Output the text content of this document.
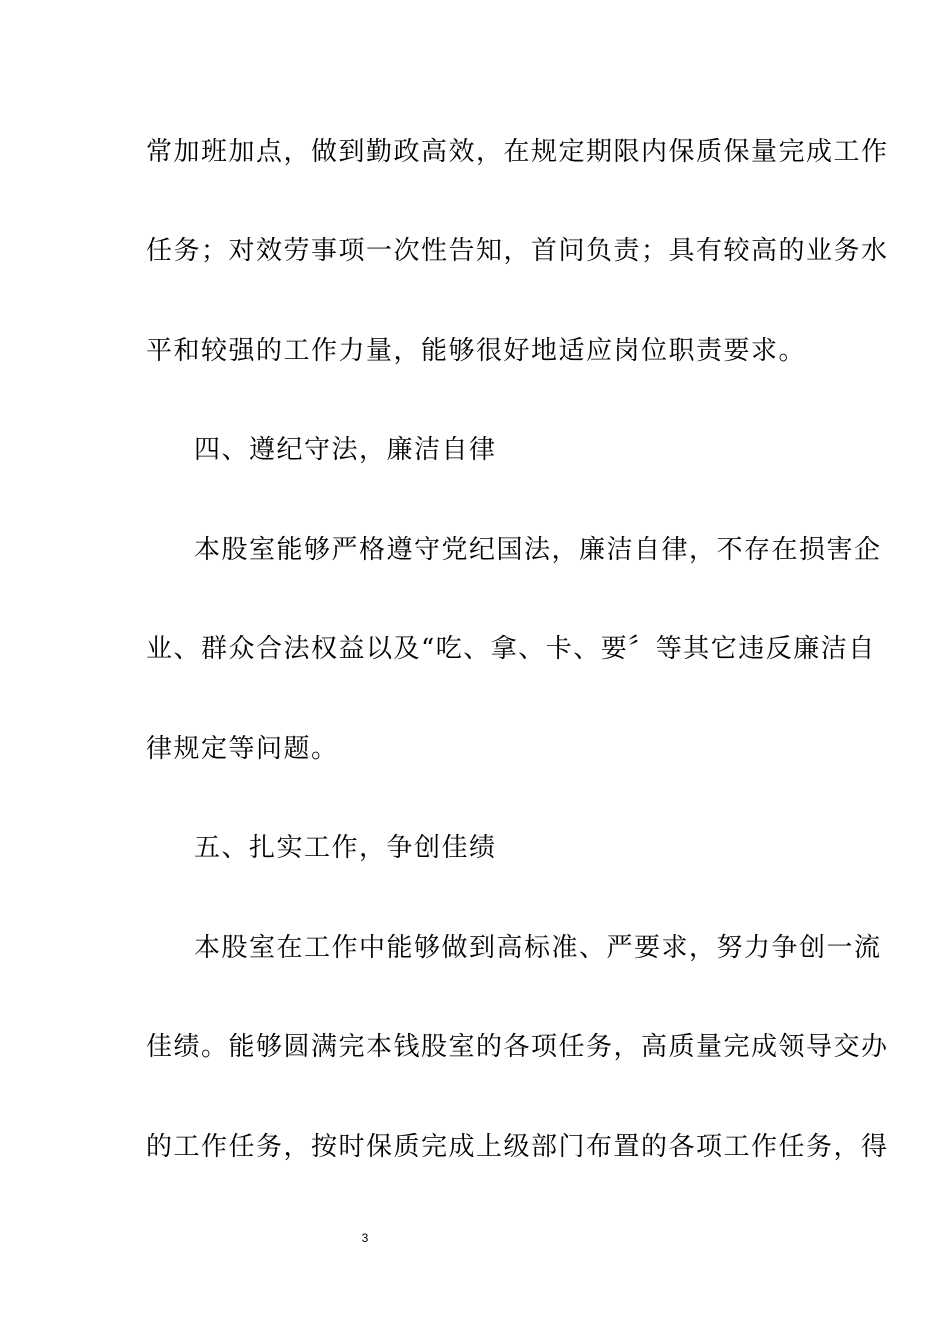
常加班加点，做到勤政高效，在规定期限内保质保量完成工作
任务；对效劳事项一次性告知，首问负责；具有较高的业务水
平和较强的工作力量，能够很好地适应岗位职责要求。
四、遵纪守法，廉洁自律
本股室能够严格遵守党纪国法，廉洁自律，不存在损害企
业、群众合法权益以及“吃、拿、卡、要〞等其它违反廉洁自
律规定等问题。
五、扎实工作，争创佳绩
本股室在工作中能够做到高标准、严要求，努力争创一流
佳绩。能够圆满完本钱股室的各项任务，高质量完成领导交办
的工作任务，按时保质完成上级部门布置的各项工作任务，得
3
